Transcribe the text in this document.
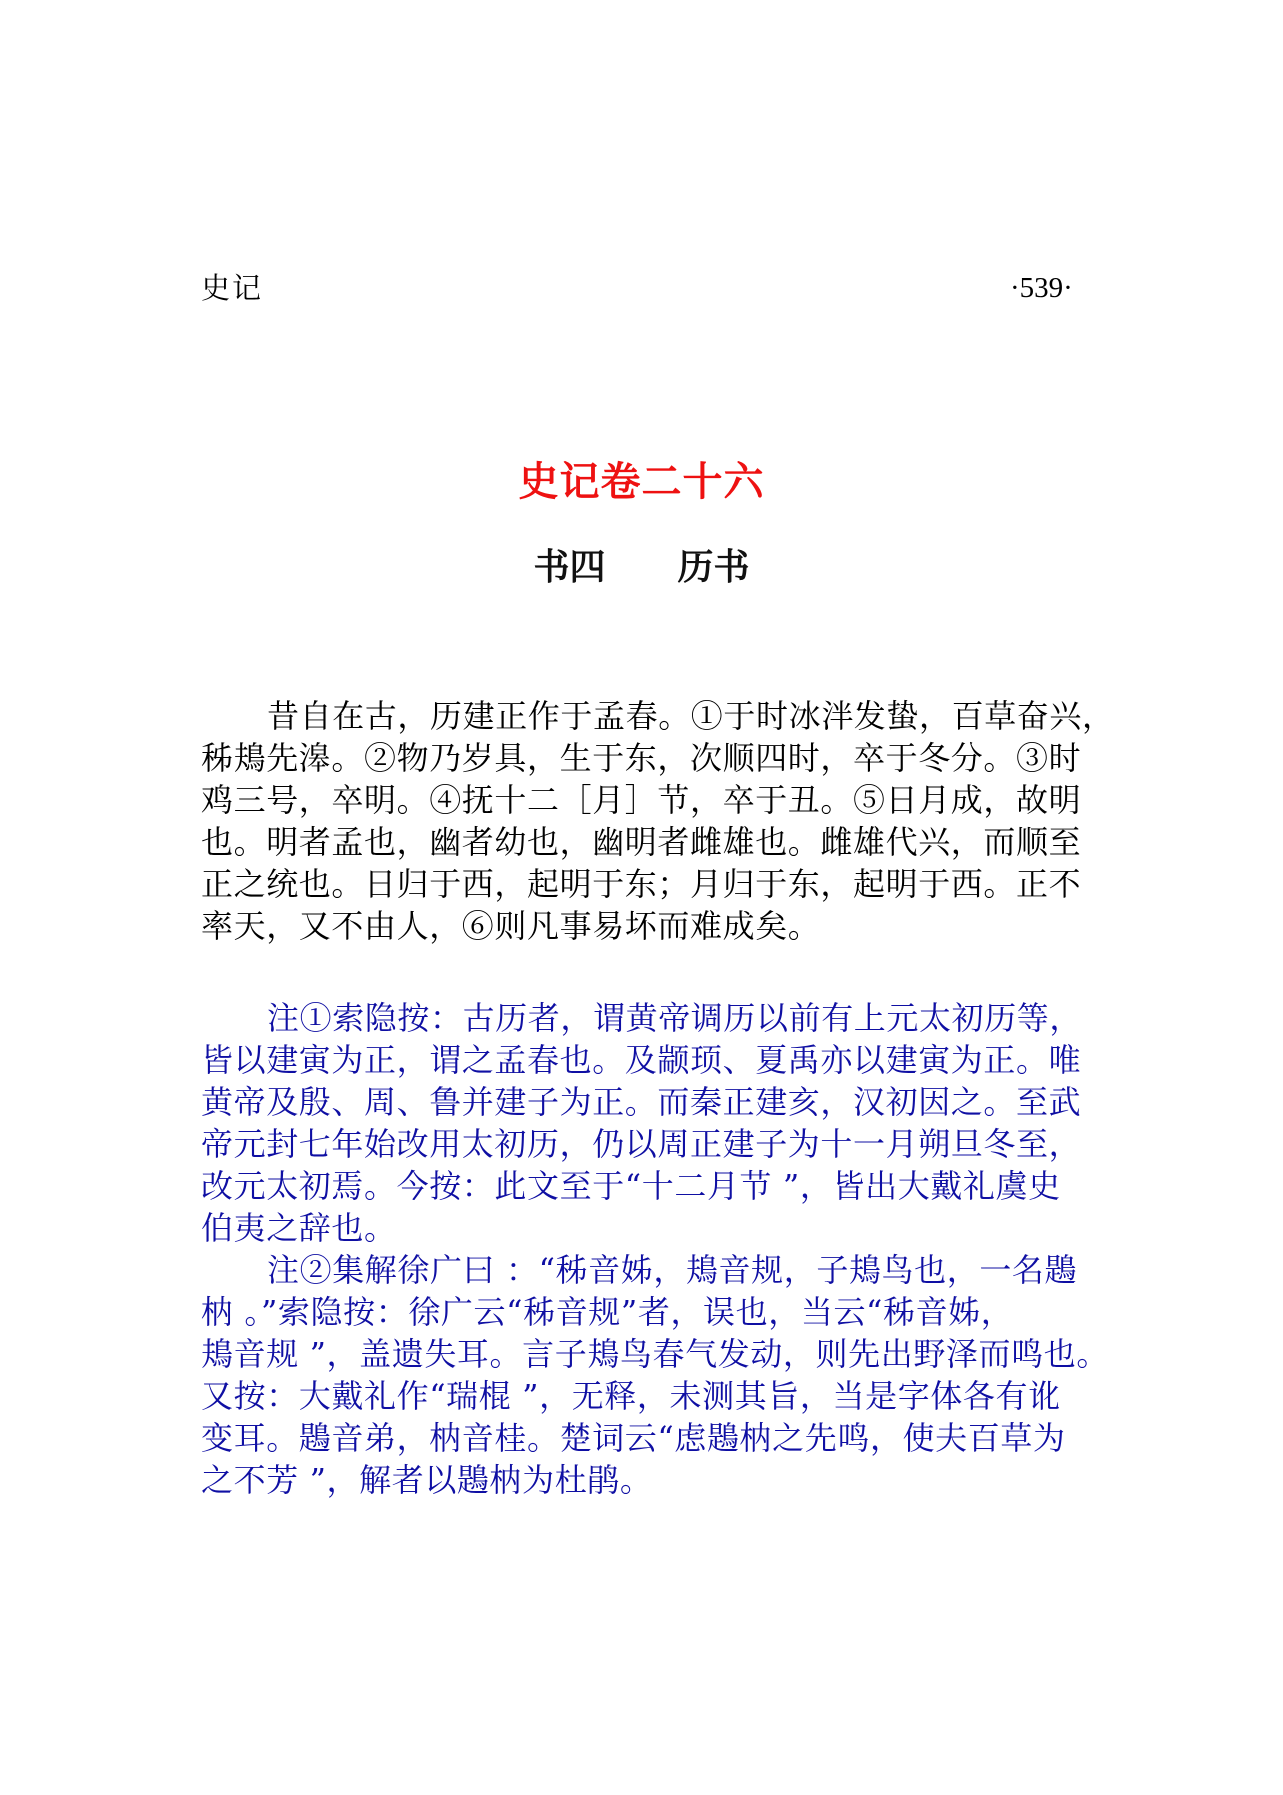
史记	·539·
史记卷二十六
书四　　历书
昔自在古，历建正作于孟春。①于时冰泮发蛰，百草奋兴，
秭鳺先滜。②物乃岁具，生于东，次顺四时，卒于冬分。③时
鸡三号，卒明。④抚十二［月］节，卒于丑。⑤日月成，故明
也。明者孟也，幽者幼也，幽明者雌雄也。雌雄代兴，而顺至
正之统也。日归于西，起明于东；月归于东，起明于西。正不
率天，又不由人，⑥则凡事易坏而难成矣。
注①索隐按：古历者，谓黄帝调历以前有上元太初历等，
皆以建寅为正，谓之孟春也。及颛顼、夏禹亦以建寅为正。唯
黄帝及殷、周、鲁并建子为正。而秦正建亥，汉初因之。至武
帝元封七年始改用太初历，仍以周正建子为十一月朔旦冬至，
改元太初焉。今按：此文至于“十二月节 ”，皆出大戴礼虞史
伯夷之辞也。
注②集解徐广曰 ：“秭音姊，鳺音规，子鳺鸟也，一名鶗
枘 。”索隐按：徐广云“秭音规”者，误也，当云“秭音姊，
鳺音规 ”，盖遗失耳。言子鳺鸟春气发动，则先出野泽而鸣也。
又按：大戴礼作“瑞棍 ”，无释，未测其旨，当是字体各有讹
变耳。鶗音弟，枘音桂。楚词云“虑鶗枘之先鸣，使夫百草为
之不芳 ”，解者以鶗枘为杜鹃。
